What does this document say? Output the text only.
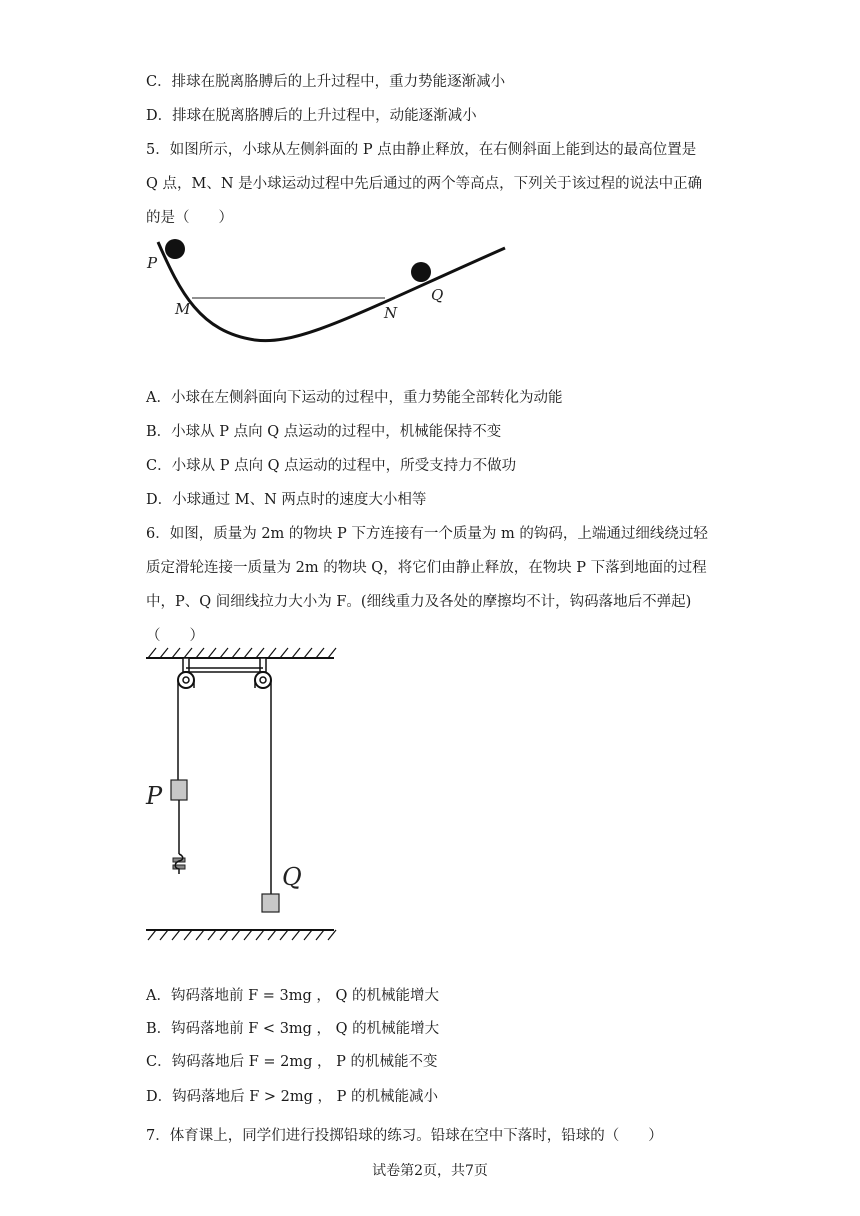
C．排球在脱离胳膊后的上升过程中，重力势能逐渐减小
D．排球在脱离胳膊后的上升过程中，动能逐渐减小
5．如图所示，小球从左侧斜面的 P 点由静止释放，在右侧斜面上能到达的最高位置是
Q 点，M、N 是小球运动过程中先后通过的两个等高点，下列关于该过程的说法中正确
的是（　　）
P
M	N
Q
A．小球在左侧斜面向下运动的过程中，重力势能全部转化为动能
B．小球从 P 点向 Q 点运动的过程中，机械能保持不变
C．小球从 P 点向 Q 点运动的过程中，所受支持力不做功
D．小球通过 M、N 两点时的速度大小相等
6．如图，质量为 2m 的物块 P 下方连接有一个质量为 m 的钩码，上端通过细线绕过轻
质定滑轮连接一质量为 2m 的物块 Q，将它们由静止释放，在物块 P 下落到地面的过程
中，P、Q 间细线拉力大小为 F。(细线重力及各处的摩擦均不计，钩码落地后不弹起)
（　　）
P
Q
A．钩码落地前 F = 3mg ， Q 的机械能增大
B．钩码落地前 F < 3mg ， Q 的机械能增大
C．钩码落地后 F = 2mg ， P 的机械能不变
D．钩码落地后 F > 2mg ， P 的机械能减小
7．体育课上，同学们进行投掷铅球的练习。铅球在空中下落时，铅球的（　　）
试卷第2页，共7页
